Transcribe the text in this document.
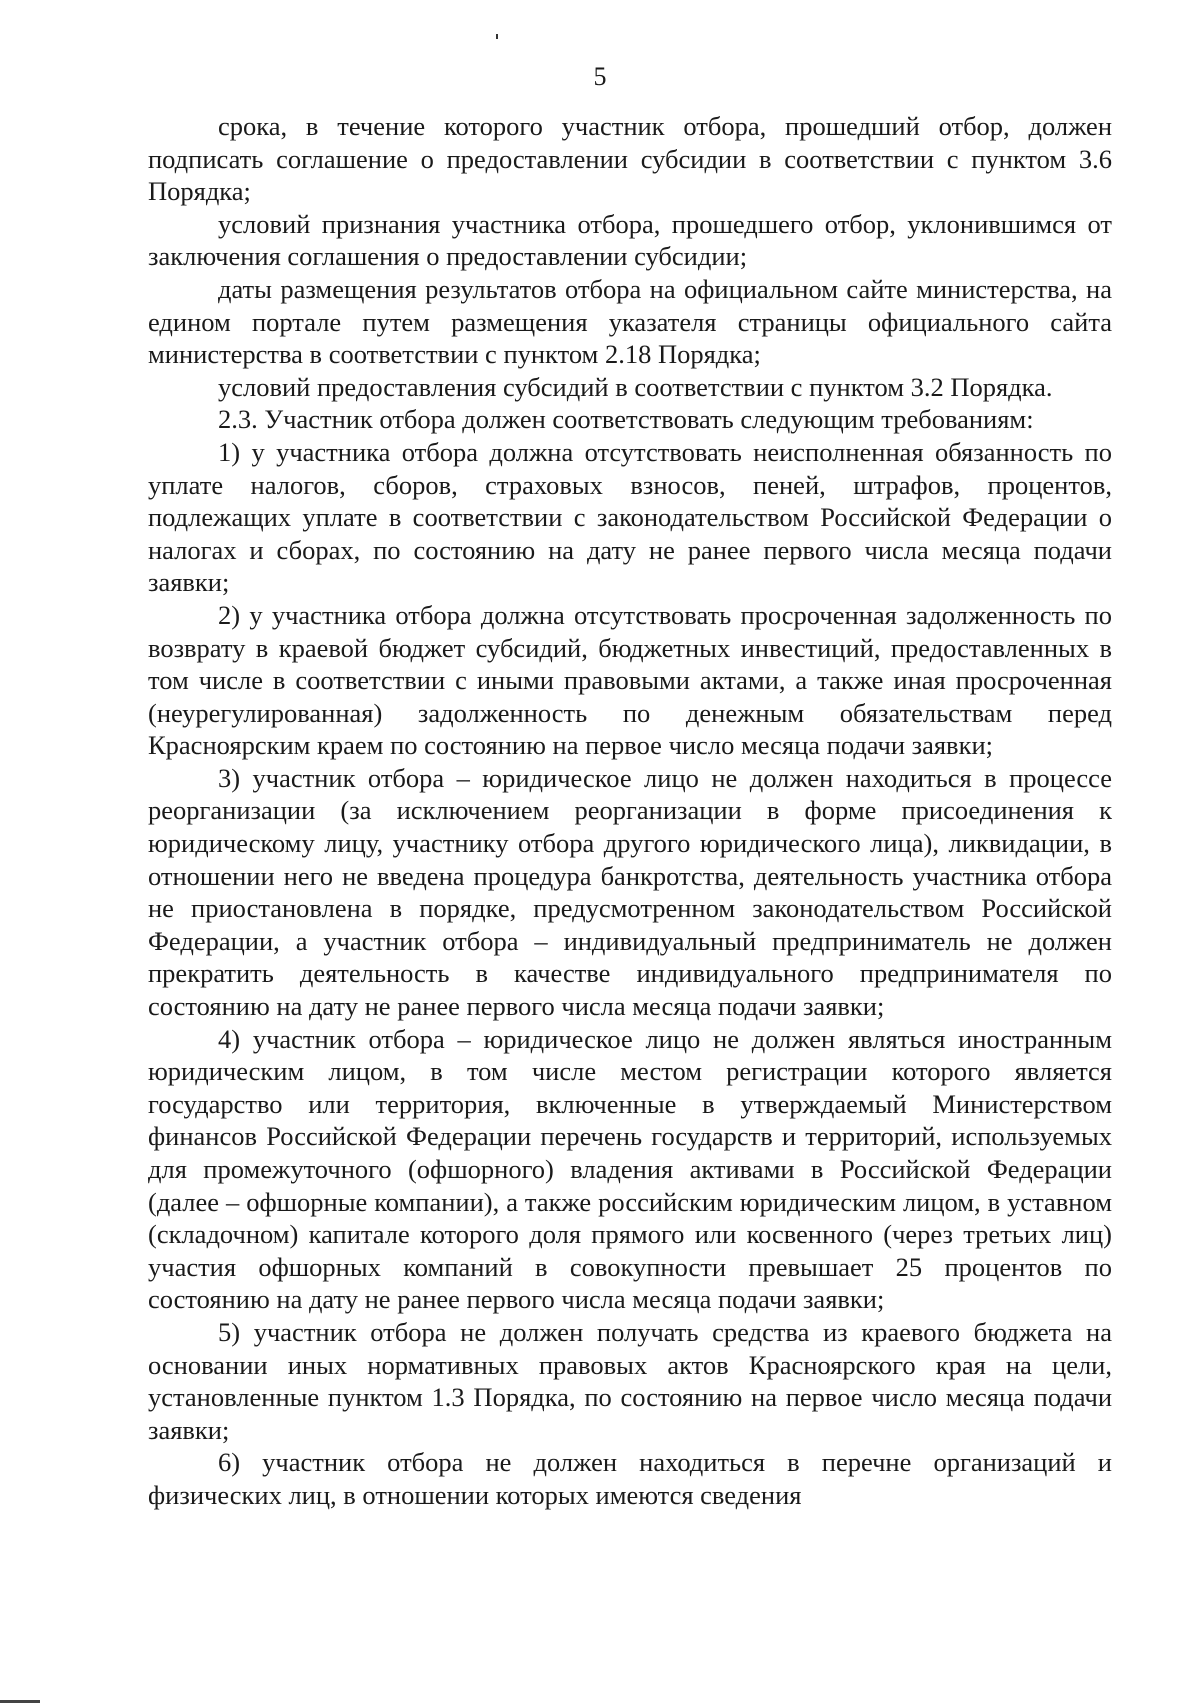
5

срока, в течение которого участник отбора, прошедший отбор, должен подписать соглашение о предоставлении субсидии в соответствии с пунктом 3.6 Порядка;

условий признания участника отбора, прошедшего отбор, уклонившимся от заключения соглашения о предоставлении субсидии;

даты размещения результатов отбора на официальном сайте министерства, на едином портале путем размещения указателя страницы официального сайта министерства в соответствии с пунктом 2.18 Порядка;

условий предоставления субсидий в соответствии с пунктом 3.2 Порядка.

2.3. Участник отбора должен соответствовать следующим требованиям:

1) у участника отбора должна отсутствовать неисполненная обязанность по уплате налогов, сборов, страховых взносов, пеней, штрафов, процентов, подлежащих уплате в соответствии с законодательством Российской Федерации о налогах и сборах, по состоянию на дату не ранее первого числа месяца подачи заявки;

2) у участника отбора должна отсутствовать просроченная задолженность по возврату в краевой бюджет субсидий, бюджетных инвестиций, предоставленных в том числе в соответствии с иными правовыми актами, а также иная просроченная (неурегулированная) задолженность по денежным обязательствам перед Красноярским краем по состоянию на первое число месяца подачи заявки;

3) участник отбора – юридическое лицо не должен находиться в процессе реорганизации (за исключением реорганизации в форме присоединения к юридическому лицу, участнику отбора другого юридического лица), ликвидации, в отношении него не введена процедура банкротства, деятельность участника отбора не приостановлена в порядке, предусмотренном законодательством Российской Федерации, а участник отбора – индивидуальный предприниматель не должен прекратить деятельность в качестве индивидуального предпринимателя по состоянию на дату не ранее первого числа месяца подачи заявки;

4) участник отбора – юридическое лицо не должен являться иностранным юридическим лицом, в том числе местом регистрации которого является государство или территория, включенные в утверждаемый Министерством финансов Российской Федерации перечень государств и территорий, используемых для промежуточного (офшорного) владения активами в Российской Федерации (далее – офшорные компании), а также российским юридическим лицом, в уставном (складочном) капитале которого доля прямого или косвенного (через третьих лиц) участия офшорных компаний в совокупности превышает 25 процентов по состоянию на дату не ранее первого числа месяца подачи заявки;

5) участник отбора не должен получать средства из краевого бюджета на основании иных нормативных правовых актов Красноярского края на цели, установленные пунктом 1.3 Порядка, по состоянию на первое число месяца подачи заявки;

6) участник отбора не должен находиться в перечне организаций и физических лиц, в отношении которых имеются сведения
